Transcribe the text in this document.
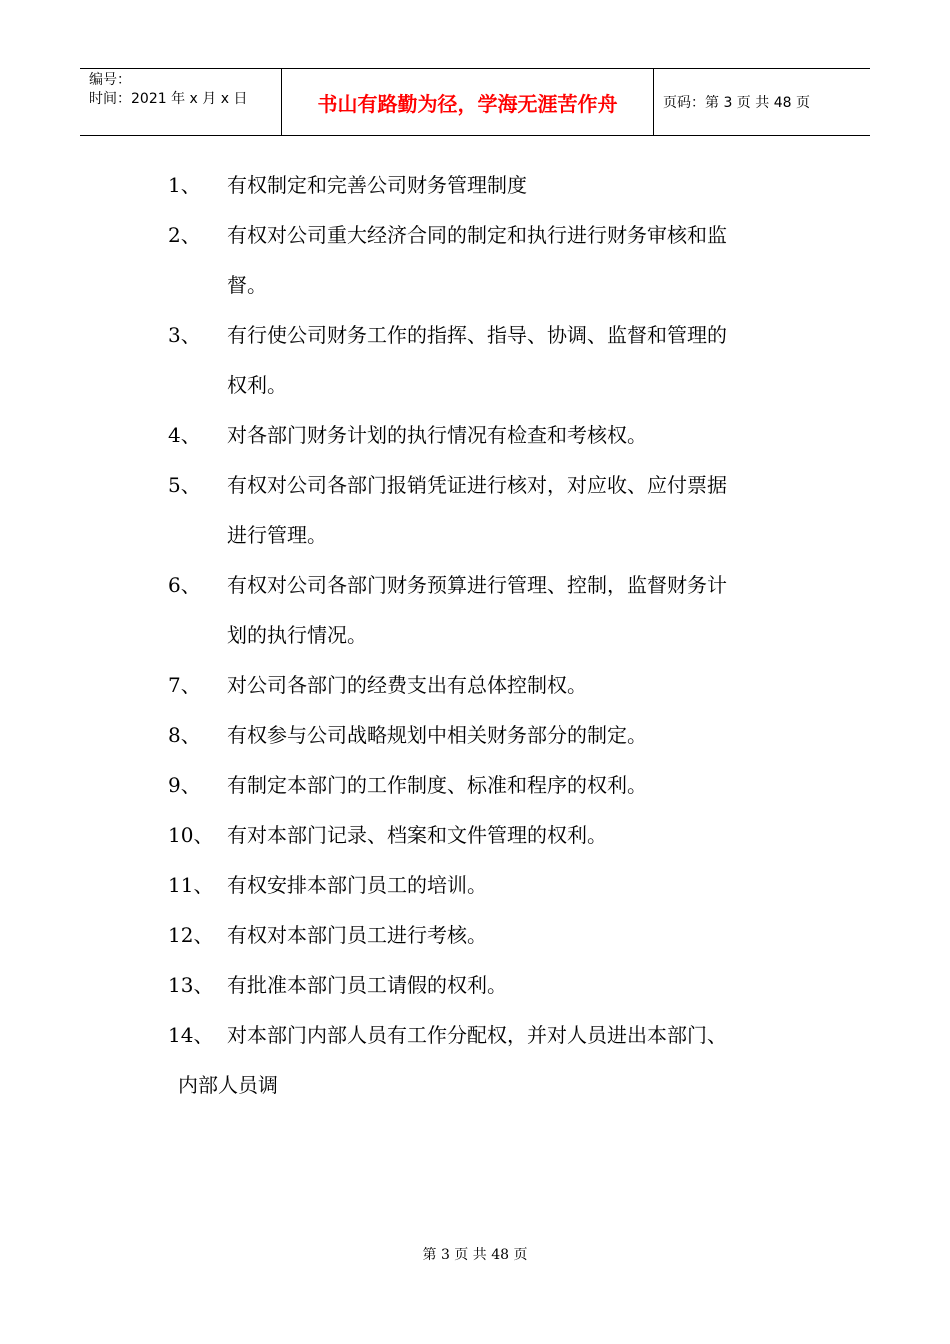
编号：
时间：2021 年 x 月 x 日	书山有路勤为径，学海无涯苦作舟	页码：第 3 页 共 48 页
1、 有权制定和完善公司财务管理制度
2、 有权对公司重大经济合同的制定和执行进行财务审核和监
督。
3、 有行使公司财务工作的指挥、指导、协调、监督和管理的
权利。
4、 对各部门财务计划的执行情况有检查和考核权。
5、 有权对公司各部门报销凭证进行核对，对应收、应付票据
进行管理。
6、 有权对公司各部门财务预算进行管理、控制，监督财务计
划的执行情况。
7、 对公司各部门的经费支出有总体控制权。
8、 有权参与公司战略规划中相关财务部分的制定。
9、 有制定本部门的工作制度、标准和程序的权利。
10、 有对本部门记录、档案和文件管理的权利。
11、 有权安排本部门员工的培训。
12、 有权对本部门员工进行考核。
13、 有批准本部门员工请假的权利。
14、 对本部门内部人员有工作分配权，并对人员进出本部门、
内部人员调
第 3 页 共 48 页
